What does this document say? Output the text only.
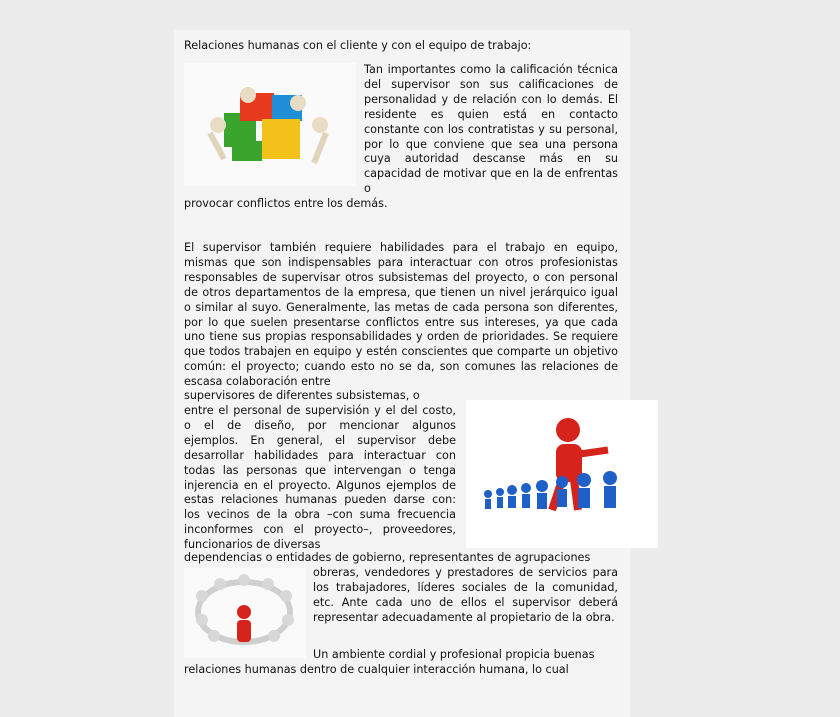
Relaciones humanas con el cliente y con el equipo de trabajo:

Tan importantes como la calificación técnica del supervisor son sus calificaciones de personalidad y de relación con lo demás. El residente es quien está en contacto constante con los contratistas y su personal, por lo que conviene que sea una persona cuya autoridad descanse más en su capacidad de motivar que en la de enfrentas o

provocar conflictos entre los demás.

El supervisor también requiere habilidades para el trabajo en equipo, mismas que son indispensables para interactuar con otros profesionistas responsables de supervisar otros subsistemas del proyecto, o con personal de otros departamentos de la empresa, que tienen un nivel jerárquico igual o similar al suyo. Generalmente, las metas de cada persona son diferentes, por lo que suelen presentarse conflictos entre sus intereses, ya que cada uno tiene sus propias responsabilidades y orden de prioridades. Se requiere que todos trabajen en equipo y estén conscientes que comparte un objetivo común: el proyecto; cuando esto no se da, son comunes las relaciones de escasa colaboración entre

supervisores de diferentes subsistemas, o

entre el personal de supervisión y el del costo, o el de diseño, por mencionar algunos ejemplos. En general, el supervisor debe desarrollar habilidades para interactuar con todas las personas que intervengan o tenga injerencia en el proyecto. Algunos ejemplos de estas relaciones humanas pueden darse con: los vecinos de la obra –con suma frecuencia inconformes con el proyecto–, proveedores, funcionarios de diversas

dependencias o entidades de gobierno, representantes de agrupaciones

obreras, vendedores y prestadores de servicios para los trabajadores, líderes sociales de la comunidad, etc. Ante cada uno de ellos el supervisor deberá representar adecuadamente al propietario de la obra.

Un ambiente cordial y profesional propicia buenas

relaciones humanas dentro de cualquier interacción humana, lo cual
